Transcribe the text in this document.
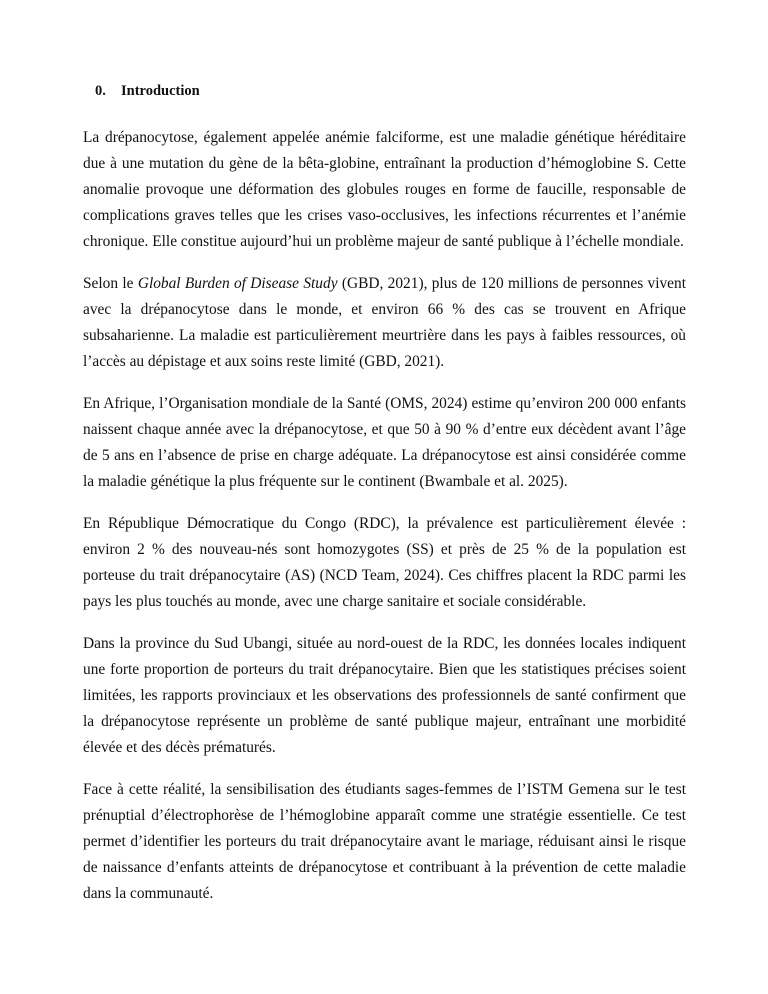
0. Introduction

La drépanocytose, également appelée anémie falciforme, est une maladie génétique héréditaire due à une mutation du gène de la bêta-globine, entraînant la production d’hémoglobine S. Cette anomalie provoque une déformation des globules rouges en forme de faucille, responsable de complications graves telles que les crises vaso-occlusives, les infections récurrentes et l’anémie chronique. Elle constitue aujourd’hui un problème majeur de santé publique à l’échelle mondiale.

Selon le Global Burden of Disease Study (GBD, 2021), plus de 120 millions de personnes vivent avec la drépanocytose dans le monde, et environ 66 % des cas se trouvent en Afrique subsaharienne. La maladie est particulièrement meurtrière dans les pays à faibles ressources, où l’accès au dépistage et aux soins reste limité (GBD, 2021).

En Afrique, l’Organisation mondiale de la Santé (OMS, 2024) estime qu’environ 200 000 enfants naissent chaque année avec la drépanocytose, et que 50 à 90 % d’entre eux décèdent avant l’âge de 5 ans en l’absence de prise en charge adéquate. La drépanocytose est ainsi considérée comme la maladie génétique la plus fréquente sur le continent (Bwambale et al. 2025).

En République Démocratique du Congo (RDC), la prévalence est particulièrement élevée : environ 2 % des nouveau-nés sont homozygotes (SS) et près de 25 % de la population est porteuse du trait drépanocytaire (AS) (NCD Team, 2024). Ces chiffres placent la RDC parmi les pays les plus touchés au monde, avec une charge sanitaire et sociale considérable.

Dans la province du Sud Ubangi, située au nord-ouest de la RDC, les données locales indiquent une forte proportion de porteurs du trait drépanocytaire. Bien que les statistiques précises soient limitées, les rapports provinciaux et les observations des professionnels de santé confirment que la drépanocytose représente un problème de santé publique majeur, entraînant une morbidité élevée et des décès prématurés.

Face à cette réalité, la sensibilisation des étudiants sages-femmes de l’ISTM Gemena sur le test prénuptial d’électrophorèse de l’hémoglobine apparaît comme une stratégie essentielle. Ce test permet d’identifier les porteurs du trait drépanocytaire avant le mariage, réduisant ainsi le risque de naissance d’enfants atteints de drépanocytose et contribuant à la prévention de cette maladie dans la communauté.
